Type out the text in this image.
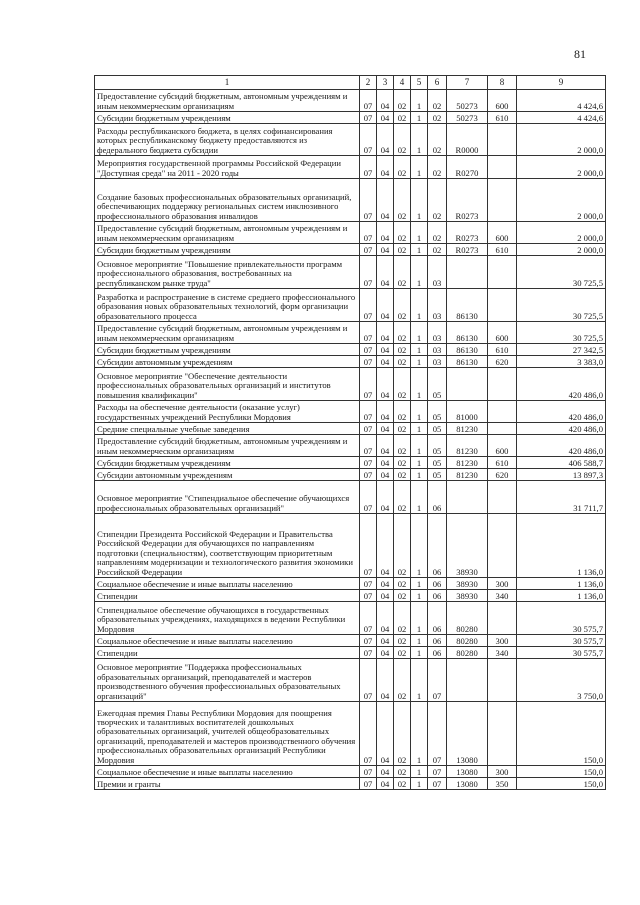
81
1	2	3	4	5	6	7	8	9
Предоставление субсидий бюджетным, автономным учреждениям и иным некоммерческим организациям	07	04	02	1	02	50273	600	4 424,6
Субсидии бюджетным учреждениям	07	04	02	1	02	50273	610	4 424,6
Расходы республиканского бюджета, в целях софинансирования которых республиканскому бюджету предоставляются из федерального бюджета субсидии	07	04	02	1	02	R0000		2 000,0
Мероприятия государственной программы Российской Федерации "Доступная среда" на 2011 - 2020 годы	07	04	02	1	02	R0270		2 000,0
Создание базовых профессиональных образовательных организаций, обеспечивающих поддержку региональных систем инклюзивного профессионального образования инвалидов	07	04	02	1	02	R0273		2 000,0
Предоставление субсидий бюджетным, автономным учреждениям и иным некоммерческим организациям	07	04	02	1	02	R0273	600	2 000,0
Субсидии бюджетным учреждениям	07	04	02	1	02	R0273	610	2 000,0
Основное мероприятие "Повышение привлекательности программ профессионального образования, востребованных на республиканском рынке труда"	07	04	02	1	03			30 725,5
Разработка и распространение в системе среднего профессионального образования новых образовательных технологий, форм организации образовательного процесса	07	04	02	1	03	86130		30 725,5
Предоставление субсидий бюджетным, автономным учреждениям и иным некоммерческим организациям	07	04	02	1	03	86130	600	30 725,5
Субсидии бюджетным учреждениям	07	04	02	1	03	86130	610	27 342,5
Субсидии автономным учреждениям	07	04	02	1	03	86130	620	3 383,0
Основное мероприятие "Обеспечение деятельности профессиональных образовательных организаций и институтов повышения квалификации"	07	04	02	1	05			420 486,0
Расходы на обеспечение деятельности (оказание услуг) государственных учреждений Республики Мордовия	07	04	02	1	05	81000		420 486,0
Средние специальные учебные заведения	07	04	02	1	05	81230		420 486,0
Предоставление субсидий бюджетным, автономным учреждениям и иным некоммерческим организациям	07	04	02	1	05	81230	600	420 486,0
Субсидии бюджетным учреждениям	07	04	02	1	05	81230	610	406 588,7
Субсидии автономным учреждениям	07	04	02	1	05	81230	620	13 897,3
Основное мероприятие "Стипендиальное обеспечение обучающихся профессиональных образовательных организаций"	07	04	02	1	06			31 711,7
Стипендии Президента Российской Федерации и Правительства Российской Федерации для обучающихся по направлениям подготовки (специальностям), соответствующим приоритетным направлениям модернизации и технологического развития экономики Российской Федерации	07	04	02	1	06	38930		1 136,0
Социальное обеспечение и иные выплаты населению	07	04	02	1	06	38930	300	1 136,0
Стипендии	07	04	02	1	06	38930	340	1 136,0
Стипендиальное обеспечение обучающихся в государственных образовательных учреждениях, находящихся в ведении Республики Мордовия	07	04	02	1	06	80280		30 575,7
Социальное обеспечение и иные выплаты населению	07	04	02	1	06	80280	300	30 575,7
Стипендии	07	04	02	1	06	80280	340	30 575,7
Основное мероприятие "Поддержка профессиональных образовательных организаций, преподавателей и мастеров производственного обучения профессиональных образовательных организаций"	07	04	02	1	07			3 750,0
Ежегодная премия Главы Республики Мордовия для поощрения творческих и талантливых воспитателей дошкольных образовательных организаций, учителей общеобразовательных организаций, преподавателей и мастеров производственного обучения профессиональных образовательных организаций Республики Мордовия	07	04	02	1	07	13080		150,0
Социальное обеспечение и иные выплаты населению	07	04	02	1	07	13080	300	150,0
Премии и гранты	07	04	02	1	07	13080	350	150,0
